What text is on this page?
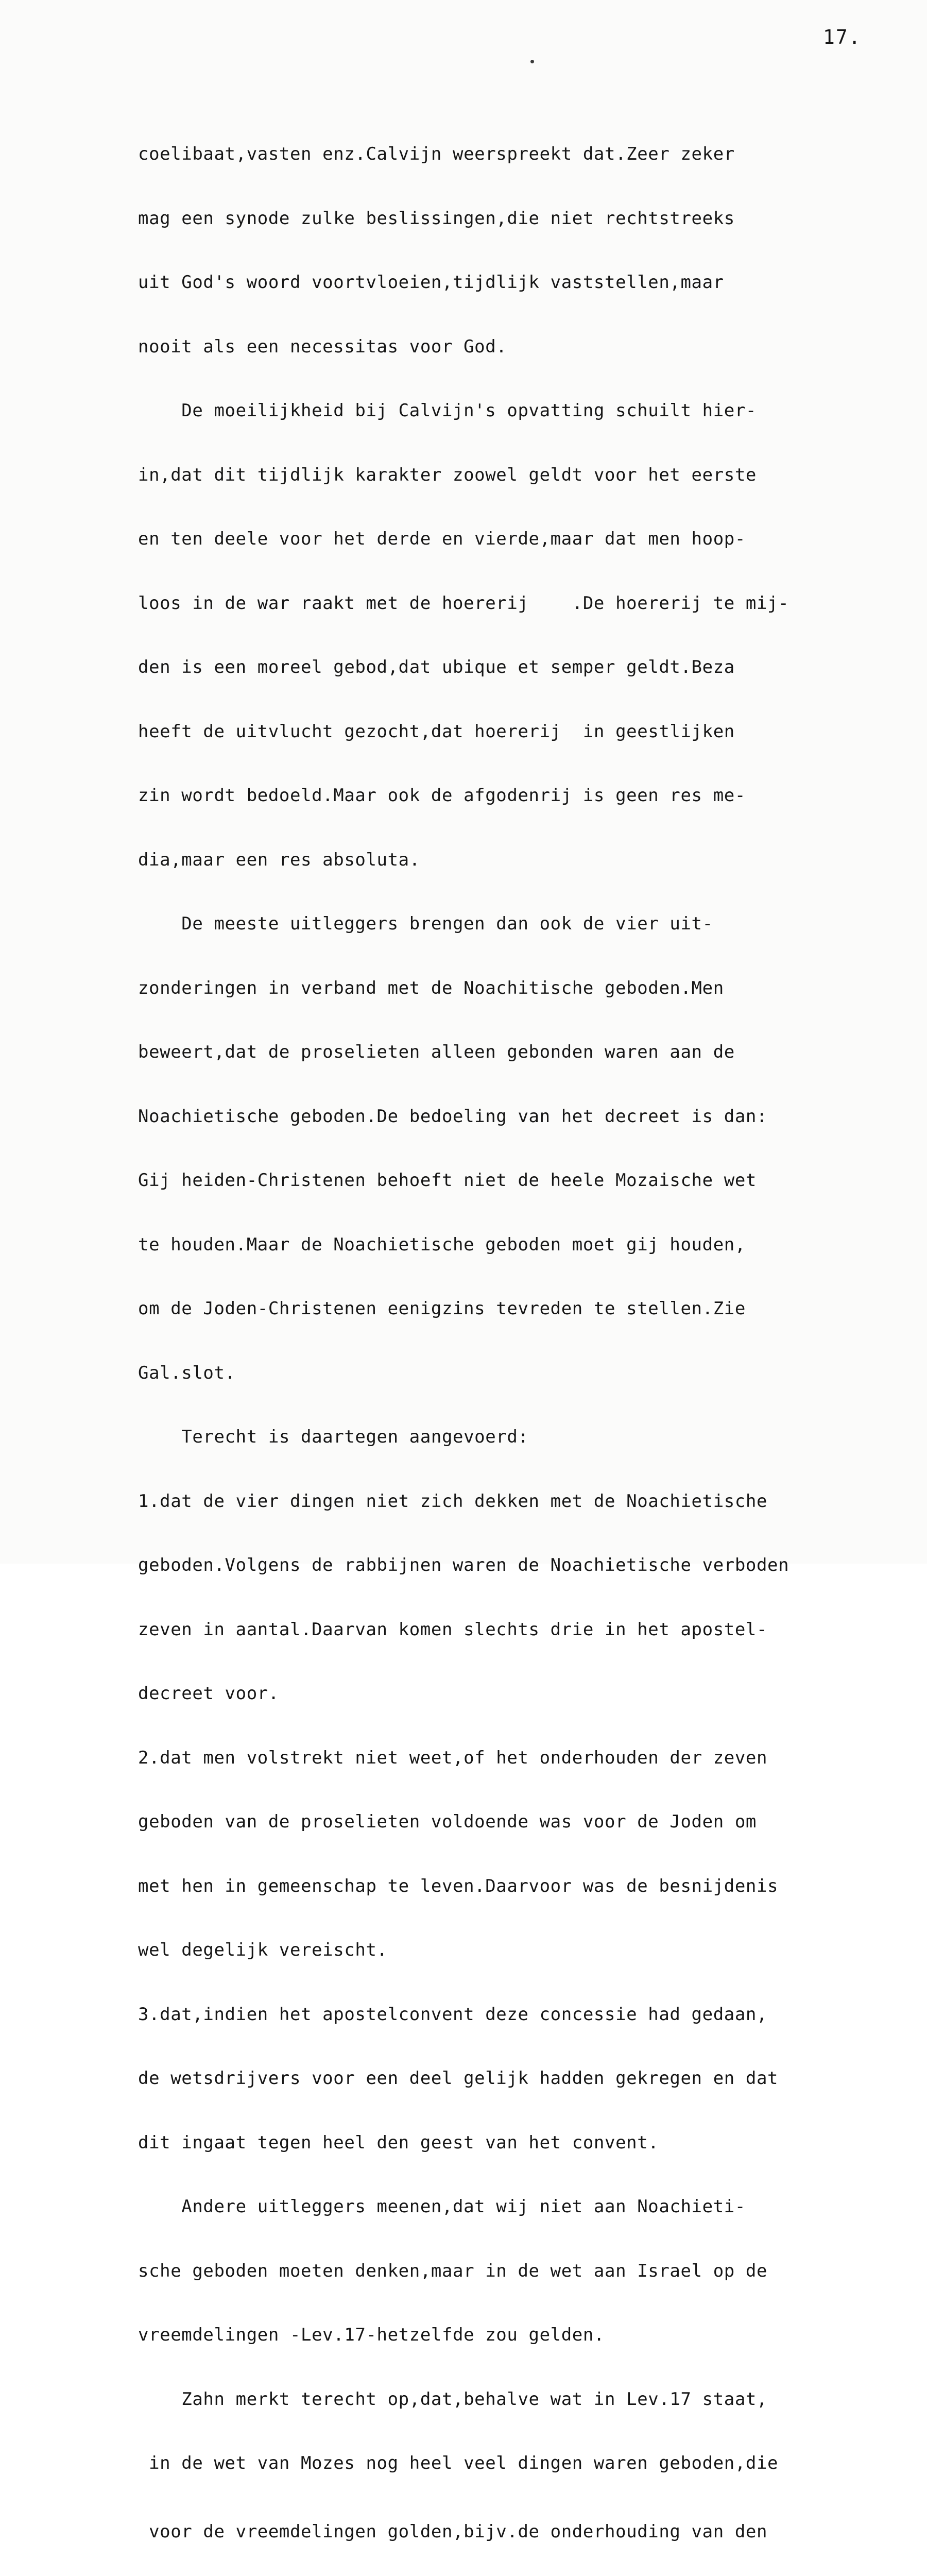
17.

coelibaat,vasten enz.Calvijn weerspreekt dat.Zeer zeker

mag een synode zulke beslissingen,die niet rechtstreeks

uit God's woord voortvloeien,tijdlijk vaststellen,maar

nooit als een necessitas voor God.

De moeilijkheid bij Calvijn's opvatting schuilt hier-

in,dat dit tijdlijk karakter zoowel geldt voor het eerste

en ten deele voor het derde en vierde,maar dat men hoop-

loos in de war raakt met de hoererij    .De hoererij te mij-

den is een moreel gebod,dat ubique et semper geldt.Beza

heeft de uitvlucht gezocht,dat hoererij  in geestlijken

zin wordt bedoeld.Maar ook de afgodenrij is geen res me-

dia,maar een res absoluta.

De meeste uitleggers brengen dan ook de vier uit-

zonderingen in verband met de Noachitische geboden.Men

beweert,dat de proselieten alleen gebonden waren aan de

Noachietische geboden.De bedoeling van het decreet is dan:

Gij heiden-Christenen behoeft niet de heele Mozaische wet

te houden.Maar de Noachietische geboden moet gij houden,

om de Joden-Christenen eenigzins tevreden te stellen.Zie

Gal.slot.

Terecht is daartegen aangevoerd:

1.dat de vier dingen niet zich dekken met de Noachietische

geboden.Volgens de rabbijnen waren de Noachietische verboden

zeven in aantal.Daarvan komen slechts drie in het apostel-

decreet voor.

2.dat men volstrekt niet weet,of het onderhouden der zeven

geboden van de proselieten voldoende was voor de Joden om

met hen in gemeenschap te leven.Daarvoor was de besnijdenis

wel degelijk vereischt.

3.dat,indien het apostelconvent deze concessie had gedaan,

de wetsdrijvers voor een deel gelijk hadden gekregen en dat

dit ingaat tegen heel den geest van het convent.

Andere uitleggers meenen,dat wij niet aan Noachieti-

sche geboden moeten denken,maar in de wet aan Israel op de

vreemdelingen -Lev.17-hetzelfde zou gelden.

Zahn merkt terecht op,dat,behalve wat in Lev.17 staat,

in de wet van Mozes nog heel veel dingen waren geboden,die

voor de vreemdelingen golden,bijv.de onderhouding van den
